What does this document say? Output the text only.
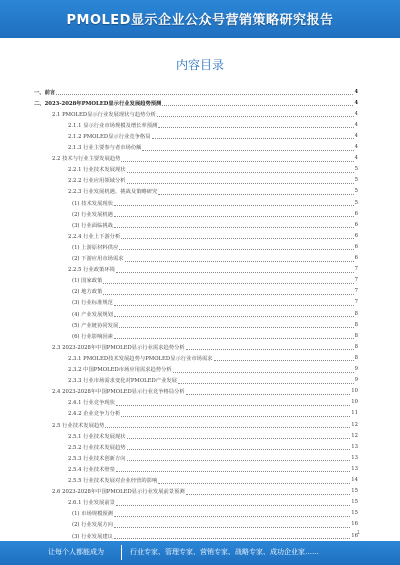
PMOLED显示企业公众号营销策略研究报告
内容目录
一、前言	4
二、2023-2028年PMOLED显示行业发展趋势预测	4
2.1 PMOLED显示行业发展现状与趋势分析	4
2.1.1 显示行业市场规模及增长率预测	4
2.1.2 PMOLED显示行业竞争格局	4
2.1.3 行业主要参与者市场份额	4
2.2 技术与行业主要发展趋势	4
2.2.1 行业技术发展现状	5
2.2.2 行业应用领域分析	5
2.2.3 行业发展机遇、挑战及策略研究	5
(1) 技术发展现状	5
(2) 行业发展机遇	6
(3) 行业面临挑战	6
2.2.4 行业上下游分析	6
(1) 上游原材料供应	6
(2) 下游应用市场需求	6
2.2.5 行业政策环境	7
(1) 国家政策	7
(2) 地方政策	7
(3) 行业标准规范	7
(4) 产业发展规划	8
(5) 产业链协同发展	8
(6) 行业影响因素	8
2.3 2023-2028年中国PMOLED显示行业需求趋势分析	8
2.3.1 PMOLED技术发展趋势与PMOLED显示行业市场需求	8
2.3.2 中国PMOLED市场应用需求趋势分析	9
2.3.3 行业市场需求变化对PMOLED产业发展	9
2.4 2023-2028年中国PMOLED显示行业竞争格局分析	10
2.4.1 行业竞争现状	10
2.4.2 企业竞争力分析	11
2.5 行业技术发展趋势	12
2.5.1 行业技术发展现状	12
2.5.2 行业技术发展趋势	13
2.5.3 行业技术创新方向	13
2.5.4 行业技术壁垒	13
2.5.5 行业技术发展对企业经营的影响	14
2.6 2023-2028年中国PMOLED显示行业发展前景预测	15
2.6.1 行业发展前景	15
(1) 市场规模预测	15
(2) 行业发展方向	16
(3) 行业发展建议	16
1
让每个人都能成为	行业专家、管理专家、营销专家、战略专家、成功企业家……
